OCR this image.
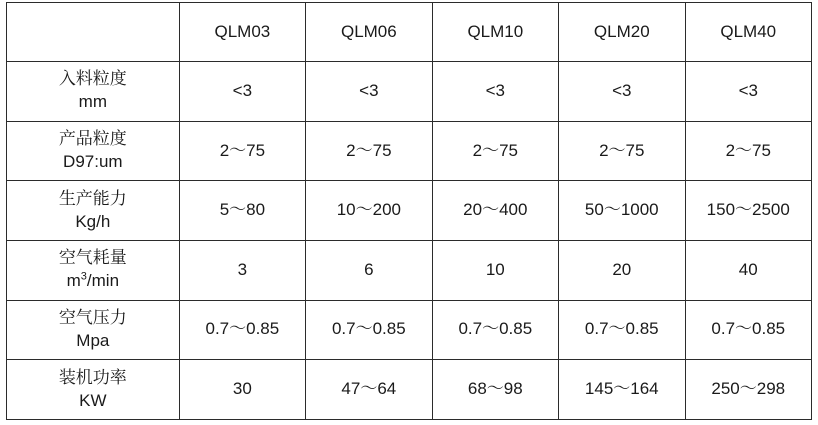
	QLM03	QLM06	QLM10	QLM20	QLM40

入料粒度
mm	<3	<3	<3	<3	<3

产品粒度
D97:um	2～75	2～75	2～75	2～75	2～75

生产能力
Kg/h	5～80	10～200	20～400	50～1000	150～2500

空气耗量
$m^3/\min$	3	6	10	20	40

空气压力
Mpa	0.7～0.85	0.7～0.85	0.7～0.85	0.7～0.85	0.7～0.85

装机功率
KW	30	47～64	68～98	145～164	250～298
